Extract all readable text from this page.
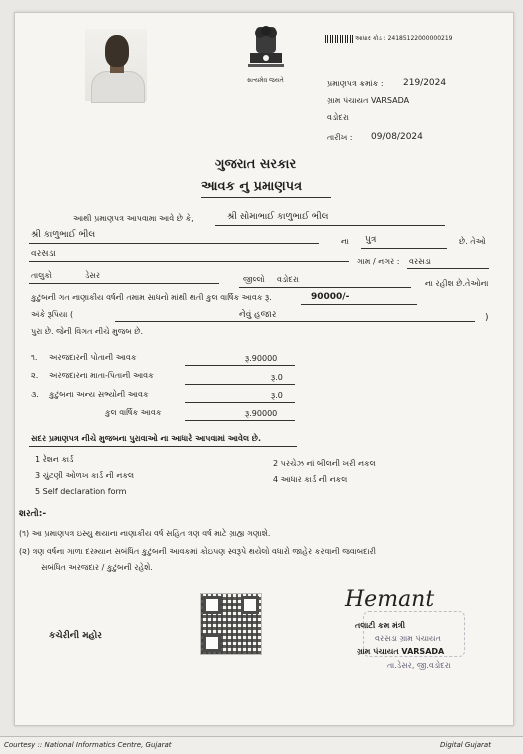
સત્યમેવ જયતે
આધાર કોડ : 24185122000000219
પ્રમાણપત્ર ક્રમાંક : 219/2024
ગ્રામ પંચાયત VARSADA
વડોદરા
તારીખ : 09/08/2024
ગુજરાત સરકાર
આવક નુ પ્રમાણપત્ર
આથી પ્રમાણપત્ર આપવામા આવે છે કે,	શ્રી સોમાભાઈ કાળુભાઈ ભીલ
શ્રી કાળુભાઈ ભીલ
ના પુત્ર	છે. તેઓ
વરસડા
ગામ / નગર : વરસડા
તાલુકો	ડેસર	જીલ્લો વડોદરા	ના રહીશ છે.તેઓના
કુટુંબની ગત નાણાકીય વર્ષની તમામ સાધનો માંથી થતી કુલ વાર્ષિક આવક રૂ.	90000/-
અંકે રૂપિયા (	નેવું હજાર	)
પુરા છે. જેની વિગત નીચે મુજબ છે.
૧. અરજદારની પોતાની આવક	રૂ.90000
૨. અરજદારના માતા-પિતાની આવક	રૂ.0
૩. કુટુંબના અન્ય સભ્યોની આવક	રૂ.0
કુલ વાર્ષિક આવક	રૂ.90000
સદર પ્રમાણપત્ર નીચે મુજબના પુરાવાઓ ના આધારે આપવામાં આવેલ છે.
1 રેશન કાર્ડ	2 પરચેઝ નાં બીલની ખરી નકલ
3 ચુંટણી ઓળખ કાર્ડ ની નકલ	4 આધાર કાર્ડ ની નકલ
5 Self declaration form
શરતો:-
(૧) આ પ્રમાણપત્ર ઇસ્યુ થયાના નાણાકીય વર્ષ સહિત ત્રણ વર્ષ માટે ગ્રાહ્ય ગણાશે.
(૨) ત્રણ વર્ષના ગાળા દરમ્યાન સબંધિત કુટુંબની આવકમાં કોઇપણ સ્વરૂપે થયેલો વધારો જાહેર કરવાની જવાબદારી
સબંધિત અરજદાર / કુટુંબની રહેશે.
કચેરીની મહોર
Hemant
તલાટી કમ મંત્રી
વરસડા ગ્રામ પંચાયત
ગ્રામ પંચાયત VARSADA
તા.ડેસર, જી.વડોદરા
Courtesy :: National Informatics Centre, Gujarat	Digital Gujarat
